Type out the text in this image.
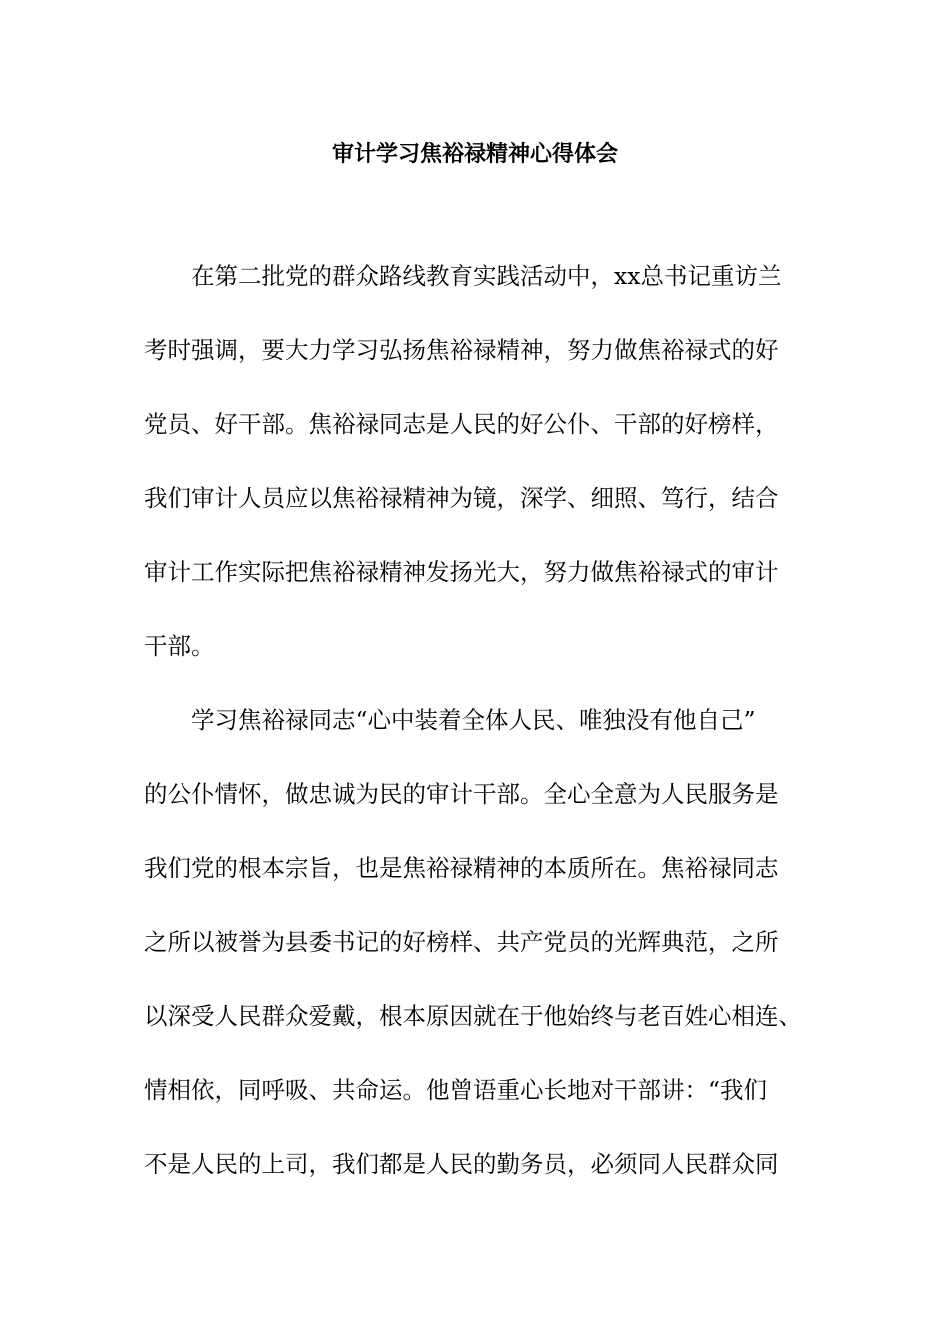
审计学习焦裕禄精神心得体会
在第二批党的群众路线教育实践活动中，xx总书记重访兰
考时强调，要大力学习弘扬焦裕禄精神，努力做焦裕禄式的好
党员、好干部。焦裕禄同志是人民的好公仆、干部的好榜样，
我们审计人员应以焦裕禄精神为镜，深学、细照、笃行，结合
审计工作实际把焦裕禄精神发扬光大，努力做焦裕禄式的审计
干部。
学习焦裕禄同志“心中装着全体人民、唯独没有他自己”
的公仆情怀，做忠诚为民的审计干部。全心全意为人民服务是
我们党的根本宗旨，也是焦裕禄精神的本质所在。焦裕禄同志
之所以被誉为县委书记的好榜样、共产党员的光辉典范，之所
以深受人民群众爱戴，根本原因就在于他始终与老百姓心相连、
情相依，同呼吸、共命运。他曾语重心长地对干部讲：“我们
不是人民的上司，我们都是人民的勤务员，必须同人民群众同
